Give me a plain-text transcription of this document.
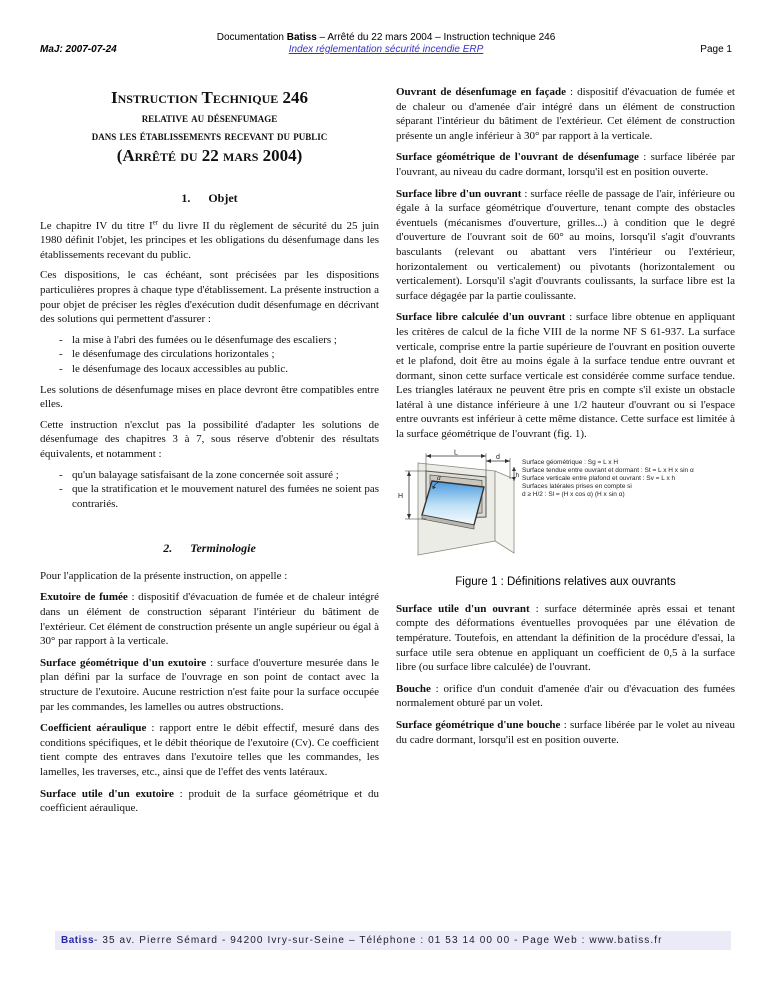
Documentation Batiss – Arrêté du 22 mars 2004 – Instruction technique 246
MaJ: 2007-07-24	Index réglementation sécurité incendie ERP	Page 1
Instruction Technique 246
relative au désenfumage
dans les établissements recevant du public
(Arrêté du 22 mars 2004)
1. Objet

Le chapitre IV du titre Ier du livre II du règlement de sécurité du 25 juin 1980 définit l'objet, les principes et les obligations du désenfumage dans les établissements recevant du public.

Ces dispositions, le cas échéant, sont précisées par les dispositions particulières propres à chaque type d'établissement. La présente instruction a pour objet de préciser les règles d'exécution dudit désenfumage en décrivant des solutions qui permettent d'assurer :

- la mise à l'abri des fumées ou le désenfumage des escaliers ;
- le désenfumage des circulations horizontales ;
- le désenfumage des locaux accessibles au public.

Les solutions de désenfumage mises en place devront être compatibles entre elles.

Cette instruction n'exclut pas la possibilité d'adapter les solutions de désenfumage des chapitres 3 à 7, sous réserve d'obtenir des résultats équivalents, et notamment :

- qu'un balayage satisfaisant de la zone concernée soit assuré ;
- que la stratification et le mouvement naturel des fumées ne soient pas contrariés.
2. Terminologie

Pour l'application de la présente instruction, on appelle :

Exutoire de fumée : dispositif d'évacuation de fumée et de chaleur intégré dans un élément de construction séparant l'intérieur du bâtiment de l'extérieur. Cet élément de construction présente un angle supérieur ou égal à 30° par rapport à la verticale.

Surface géométrique d'un exutoire : surface d'ouverture mesurée dans le plan défini par la surface de l'ouvrage en son point de contact avec la structure de l'exutoire. Aucune restriction n'est faite pour la surface occupée par les commandes, les lamelles ou autres obstructions.

Coefficient aéraulique : rapport entre le débit effectif, mesuré dans des conditions spécifiques, et le débit théorique de l'exutoire (Cv). Ce coefficient tient compte des entraves dans l'exutoire telles que les commandes, les lamelles, les traverses, etc., ainsi que de l'effet des vents latéraux.

Surface utile d'un exutoire : produit de la surface géométrique et du coefficient aéraulique.

Ouvrant de désenfumage en façade : dispositif d'évacuation de fumée et de chaleur ou d'amenée d'air intégré dans un élément de construction séparant l'intérieur du bâtiment de l'extérieur. Cet élément de construction présente un angle inférieur à 30° par rapport à la verticale.

Surface géométrique de l'ouvrant de désenfumage : surface libérée par l'ouvrant, au niveau du cadre dormant, lorsqu'il est en position ouverte.

Surface libre d'un ouvrant : surface réelle de passage de l'air, inférieure ou égale à la surface géométrique d'ouverture, tenant compte des obstacles éventuels (mécanismes d'ouverture, grilles...) à condition que le degré d'ouverture de l'ouvrant soit de 60° au moins, lorsqu'il s'agit d'ouvrants basculants (relevant ou abattant vers l'intérieur ou l'extérieur, horizontalement ou verticalement) ou pivotants (horizontalement ou verticalement). Lorsqu'il s'agit d'ouvrants coulissants, la surface libre est la surface dégagée par la partie coulissante.

Surface libre calculée d'un ouvrant : surface libre obtenue en appliquant les critères de calcul de la fiche VIII de la norme NF S 61-937. La surface verticale, comprise entre la partie supérieure de l'ouvrant en position ouverte et le plafond, doit être au moins égale à la surface tendue entre ouvrant et dormant, sinon cette surface verticale est considérée comme surface tendue. Les triangles latéraux ne peuvent être pris en compte s'il existe un obstacle latéral à une distance inférieure à une 1/2 hauteur d'ouvrant ou si l'espace entre ouvrants est inférieur à cette même distance. Cette surface est limitée à la surface géométrique de l'ouvrant (fig. 1).

H
L
d
h
α
Surface géométrique : Sg = L x H
Surface tendue entre ouvrant et dormant : St = L x H x sin α
Surface verticale entre plafond et ouvrant : Sv = L x h
Surfaces latérales prises en compte si
d ≥ H/2 : Sl = (H x cos α) (H x sin α)
Figure 1 : Définitions relatives aux ouvrants

Surface utile d'un ouvrant : surface déterminée après essai et tenant compte des déformations éventuelles provoquées par une élévation de température. Toutefois, en attendant la définition de la procédure d'essai, la surface utile sera obtenue en appliquant un coefficient de 0,5 à la surface libre (ou surface libre calculée) de l'ouvrant.

Bouche : orifice d'un conduit d'amenée d'air ou d'évacuation des fumées normalement obturé par un volet.

Surface géométrique d'une bouche : surface libérée par le volet au niveau du cadre dormant, lorsqu'il est en position ouverte.

Batiss - 35 av. Pierre Sémard - 94200 Ivry-sur-Seine – Téléphone : 01 53 14 00 00 - Page Web : www.batiss.fr
